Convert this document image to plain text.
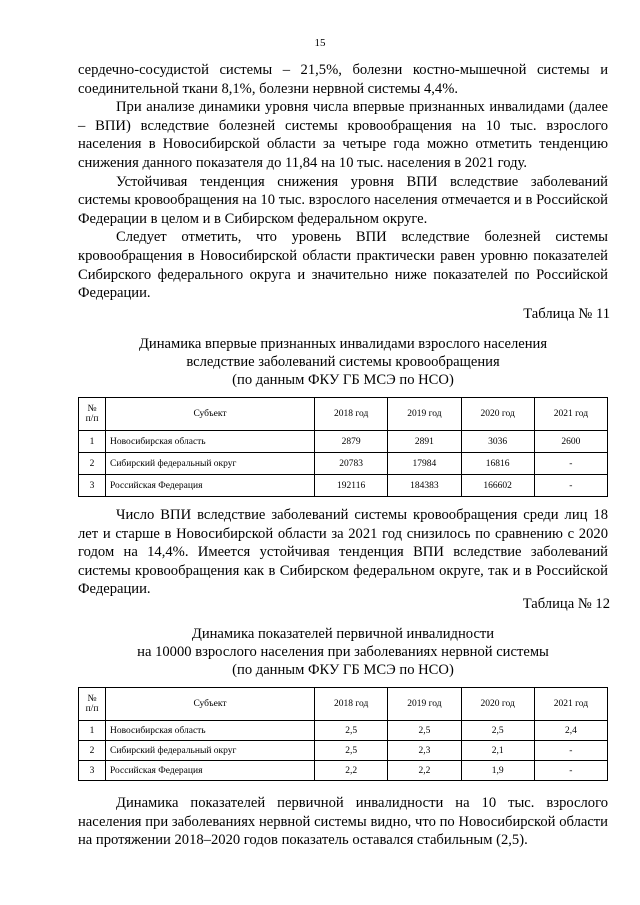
15

сердечно-сосудистой системы – 21,5%, болезни костно-мышечной системы и соединительной ткани 8,1%, болезни нервной системы 4,4%.

При анализе динамики уровня числа впервые признанных инвалидами (далее – ВПИ) вследствие болезней системы кровообращения на 10 тыс. взрослого населения в Новосибирской области за четыре года можно отметить тенденцию снижения данного показателя до 11,84 на 10 тыс. населения в 2021 году.

Устойчивая тенденция снижения уровня ВПИ вследствие заболеваний системы кровообращения на 10 тыс. взрослого населения отмечается и в Российской Федерации в целом и в Сибирском федеральном округе.

Следует отметить, что уровень ВПИ вследствие болезней системы кровообращения в Новосибирской области практически равен уровню показателей Сибирского федерального округа и значительно ниже показателей по Российской Федерации.

Таблица № 11
Динамика впервые признанных инвалидами взрослого населения
вследствие заболеваний системы кровообращения
(по данным ФКУ ГБ МСЭ по НСО)
№ п/п	Субъект	2018 год	2019 год	2020 год	2021 год
1	Новосибирская область	2879	2891	3036	2600
2	Сибирский федеральный округ	20783	17984	16816	-
3	Российская Федерация	192116	184383	166602	-

Число ВПИ вследствие заболеваний системы кровообращения среди лиц 18 лет и старше в Новосибирской области за 2021 год снизилось по сравнению с 2020 годом на 14,4%. Имеется устойчивая тенденция ВПИ вследствие заболеваний системы кровообращения как в Сибирском федеральном округе, так и в Российской Федерации.

Таблица № 12
Динамика показателей первичной инвалидности
на 10000 взрослого населения при заболеваниях нервной системы
(по данным ФКУ ГБ МСЭ по НСО)
№ п/п	Субъект	2018 год	2019 год	2020 год	2021 год
1	Новосибирская область	2,5	2,5	2,5	2,4
2	Сибирский федеральный округ	2,5	2,3	2,1	-
3	Российская Федерация	2,2	2,2	1,9	-

Динамика показателей первичной инвалидности на 10 тыс. взрослого населения при заболеваниях нервной системы видно, что по Новосибирской области на протяжении 2018–2020 годов показатель оставался стабильным (2,5).
